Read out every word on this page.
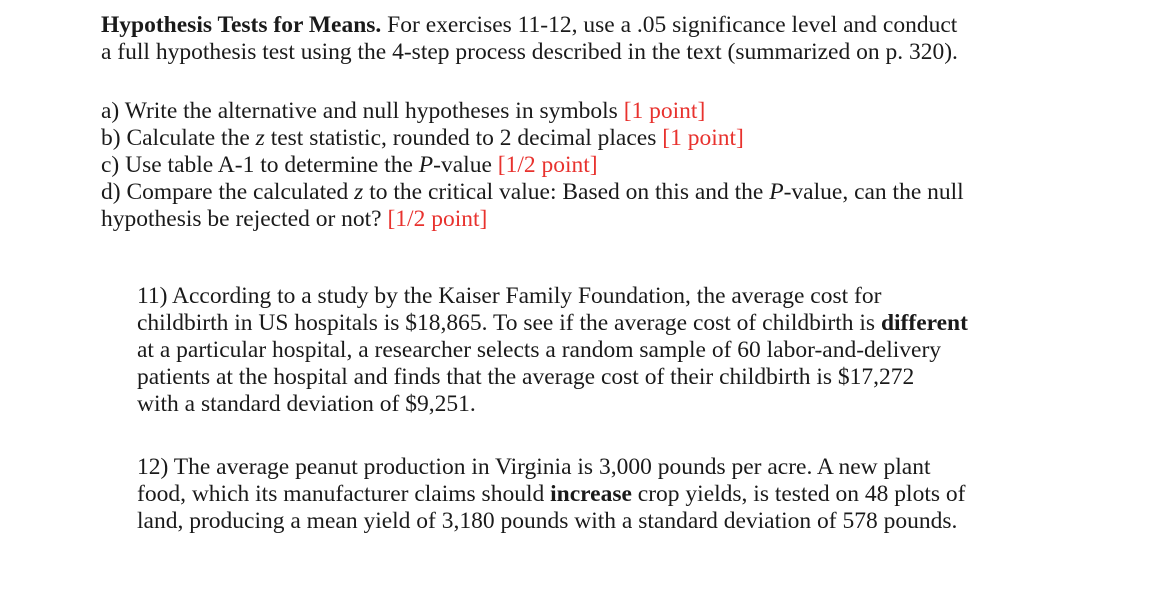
Hypothesis Tests for Means. For exercises 11-12, use a .05 significance level and conduct
a full hypothesis test using the 4-step process described in the text (summarized on p. 320).
a) Write the alternative and null hypotheses in symbols [1 point]
b) Calculate the z test statistic, rounded to 2 decimal places [1 point]
c) Use table A-1 to determine the P-value [1/2 point]
d) Compare the calculated z to the critical value: Based on this and the P-value, can the null
hypothesis be rejected or not? [1/2 point]
11) According to a study by the Kaiser Family Foundation, the average cost for
childbirth in US hospitals is $18,865. To see if the average cost of childbirth is different
at a particular hospital, a researcher selects a random sample of 60 labor-and-delivery
patients at the hospital and finds that the average cost of their childbirth is $17,272
with a standard deviation of $9,251.
12) The average peanut production in Virginia is 3,000 pounds per acre. A new plant
food, which its manufacturer claims should increase crop yields, is tested on 48 plots of
land, producing a mean yield of 3,180 pounds with a standard deviation of 578 pounds.
